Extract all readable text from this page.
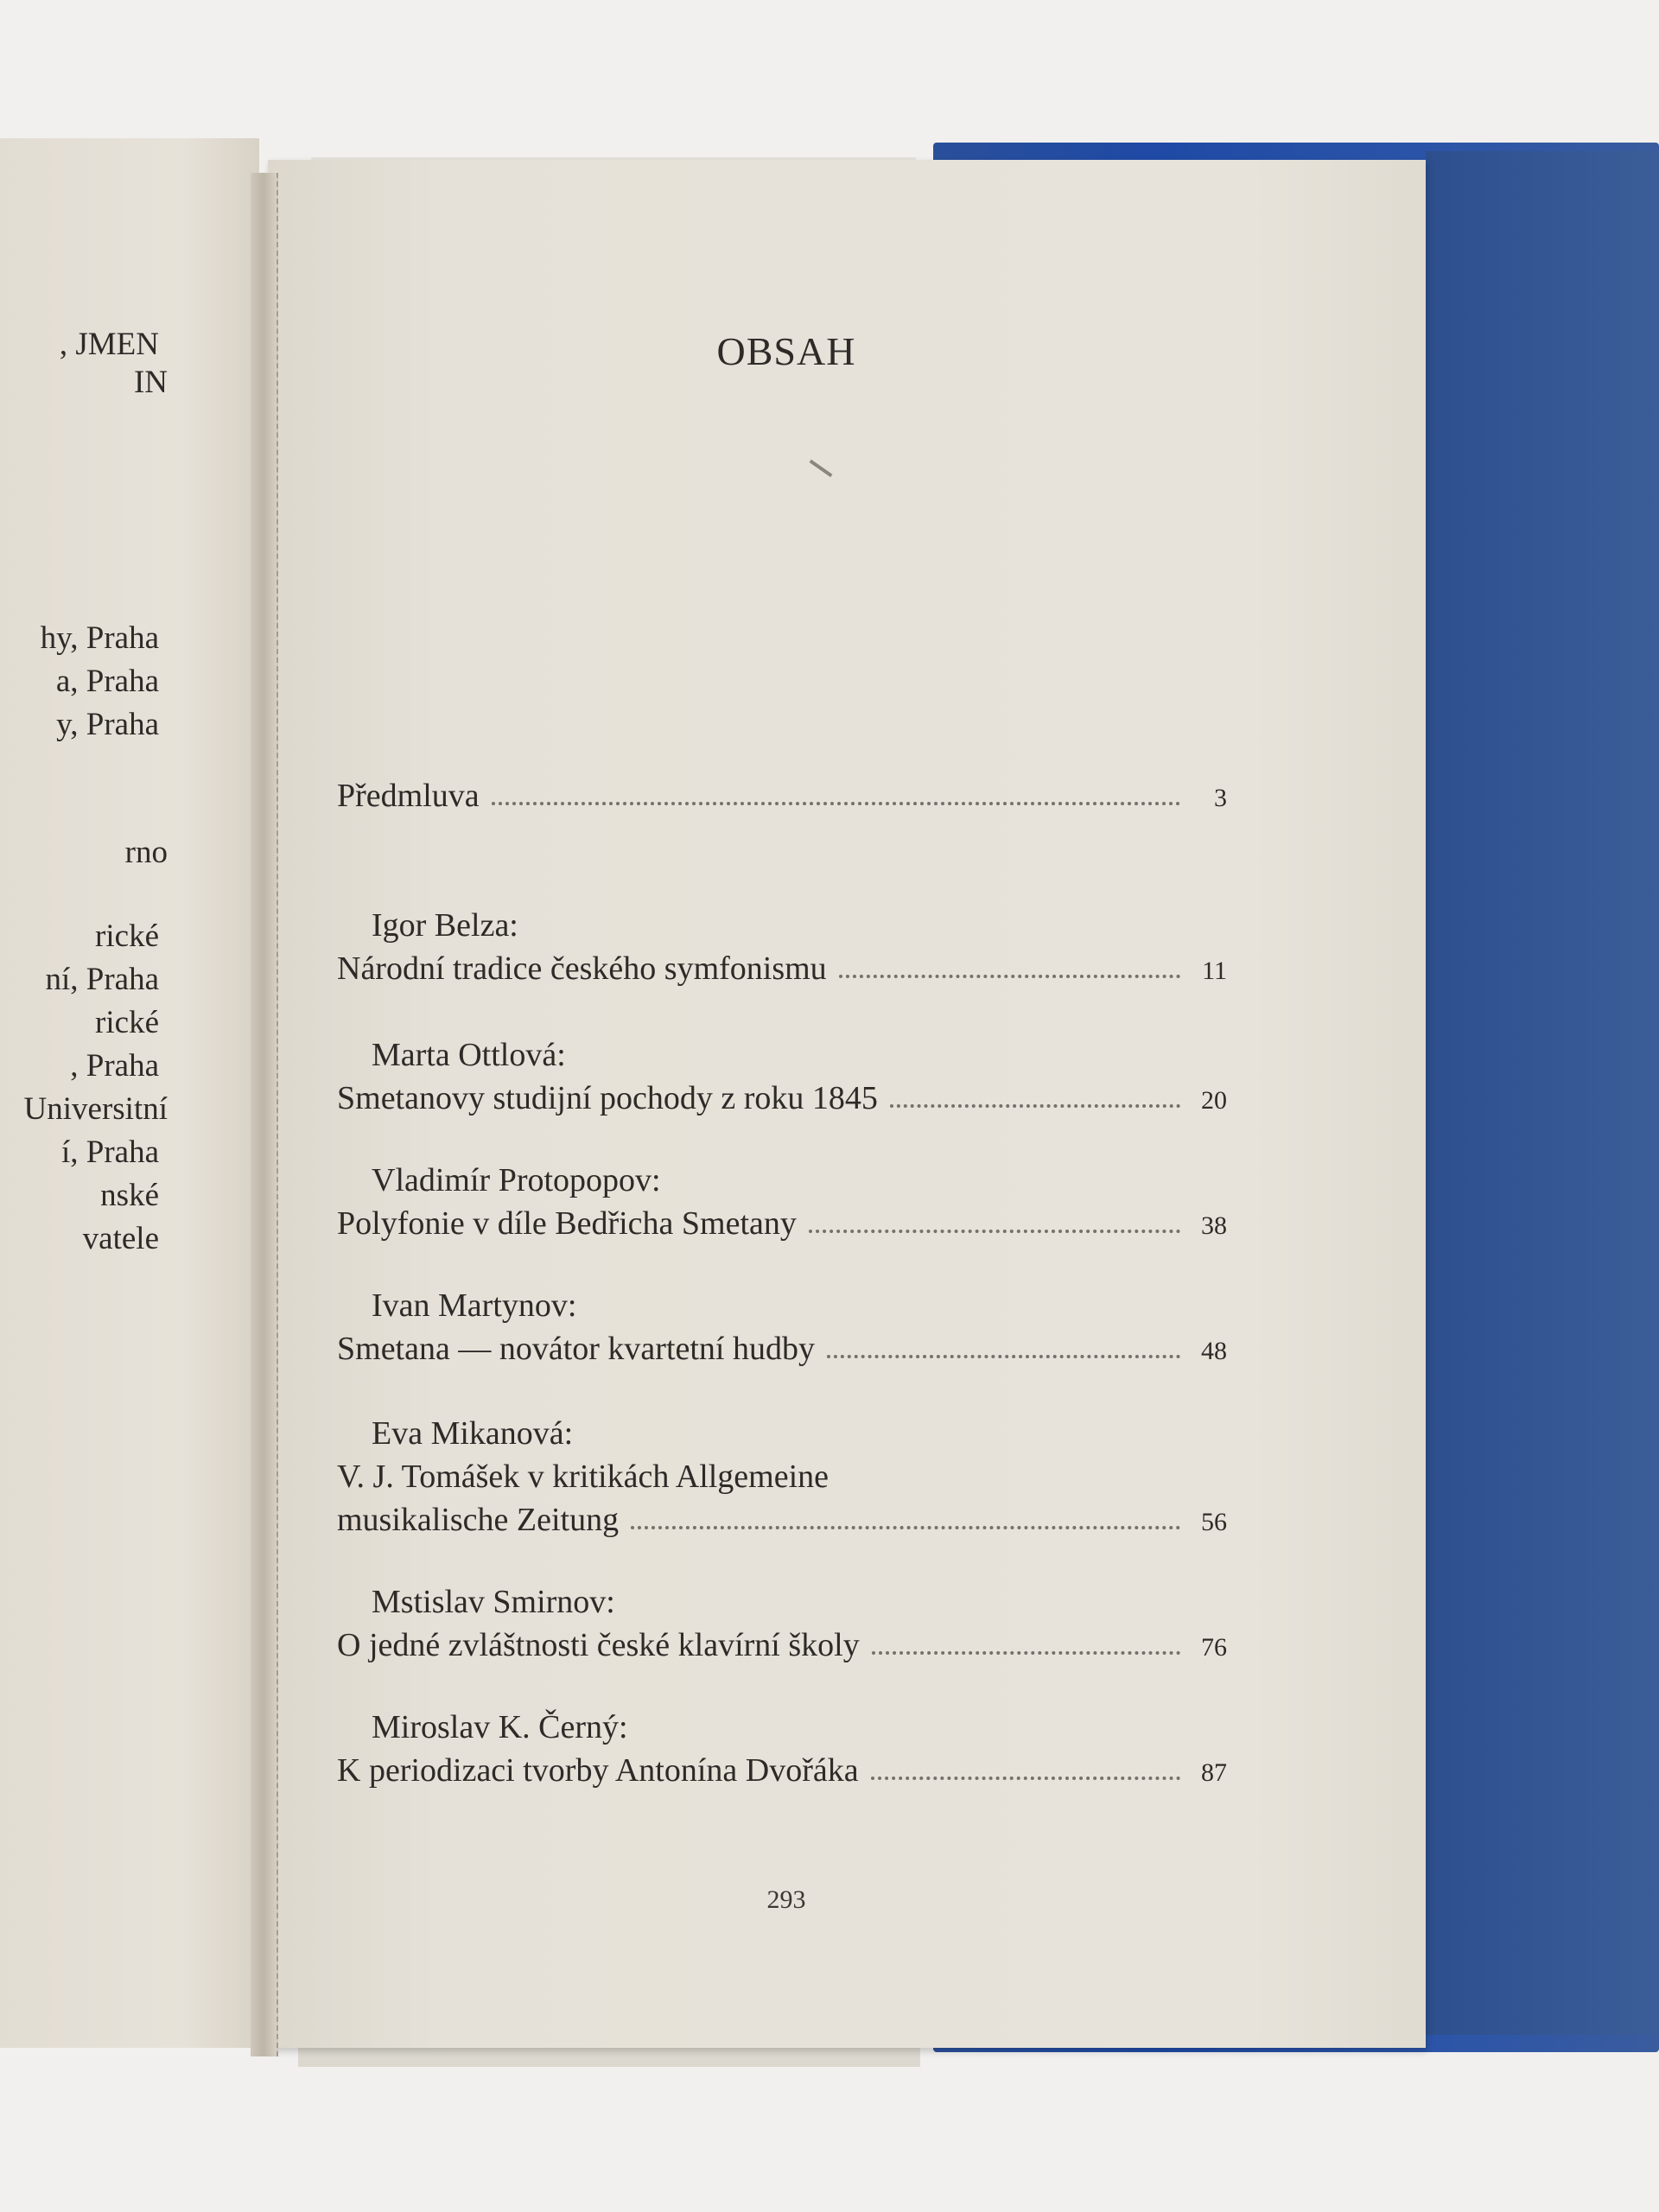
, JMEN
IN
hy, Praha
a, Praha
y, Praha
rno
rické
ní, Praha
rické
, Praha
Universitní
í, Praha
nské
vatele
OBSAH
Předmluva	3
Igor Belza:
Národní tradice českého symfonismu	11
Marta Ottlová:
Smetanovy studijní pochody z roku 1845	20
Vladimír Protopopov:
Polyfonie v díle Bedřicha Smetany	38
Ivan Martynov:
Smetana — novátor kvartetní hudby	48
Eva Mikanová:
V. J. Tomášek v kritikách Allgemeine
musikalische Zeitung	56
Mstislav Smirnov:
O jedné zvláštnosti české klavírní školy	76
Miroslav K. Černý:
K periodizaci tvorby Antonína Dvořáka	87
293
